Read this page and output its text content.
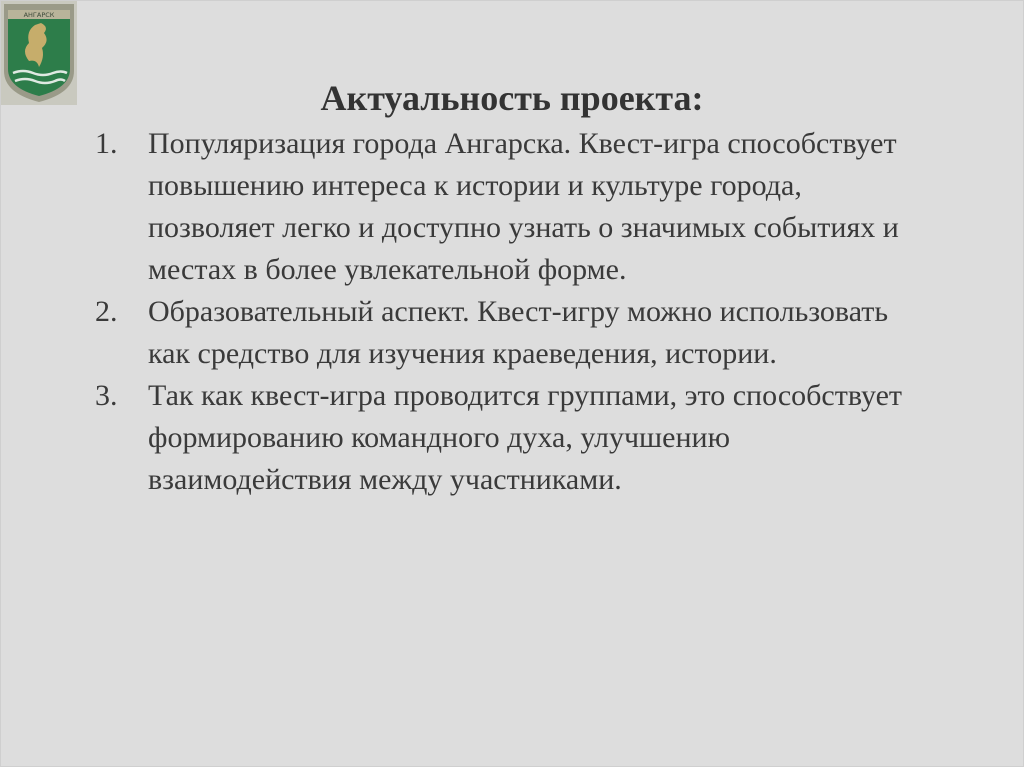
АНГАРСК
Актуальность проекта:
1. Популяризация города Ангарска. Квест-игра способствует повышению интереса к истории и культуре города, позволяет легко и доступно узнать о значимых событиях и местах в более увлекательной форме.
2. Образовательный аспект. Квест-игру можно использовать как средство для изучения краеведения, истории.
3. Так как квест-игра проводится группами, это способствует формированию командного духа, улучшению взаимодействия между участниками.
